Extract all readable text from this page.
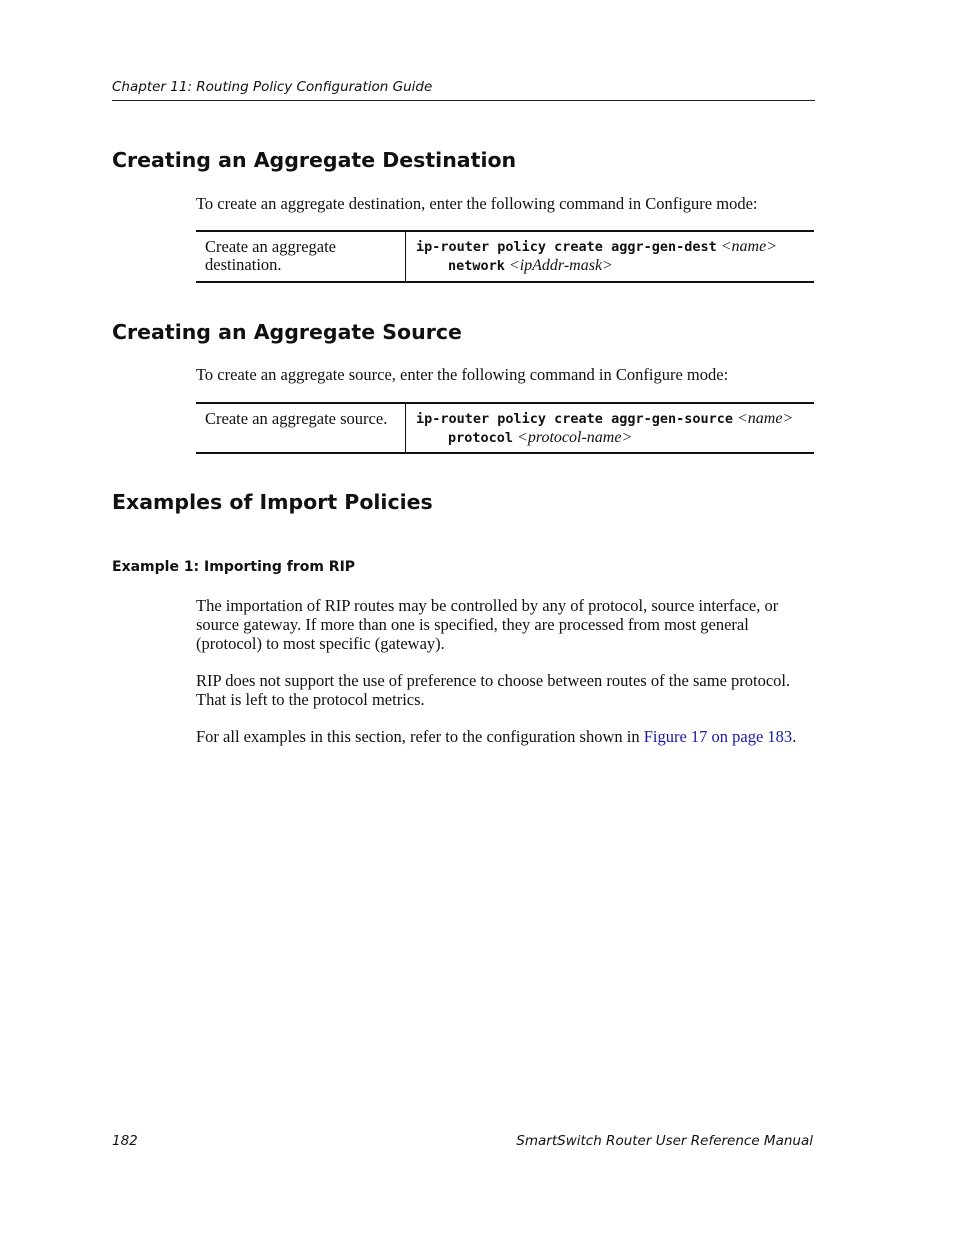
Chapter 11: Routing Policy Configuration Guide
Creating an Aggregate Destination

To create an aggregate destination, enter the following command in Configure mode:

Create an aggregate destination.
ip-router policy create aggr-gen-dest <name>
network <ipAddr-mask>
Creating an Aggregate Source

To create an aggregate source, enter the following command in Configure mode:

Create an aggregate source.	ip-router policy create aggr-gen-source <name>
protocol <protocol-name>
Examples of Import Policies
Example 1: Importing from RIP

The importation of RIP routes may be controlled by any of protocol, source interface, or source gateway. If more than one is specified, they are processed from most general (protocol) to most specific (gateway).

RIP does not support the use of preference to choose between routes of the same protocol. That is left to the protocol metrics.

For all examples in this section, refer to the configuration shown in Figure 17 on page 183.

182	SmartSwitch Router User Reference Manual
